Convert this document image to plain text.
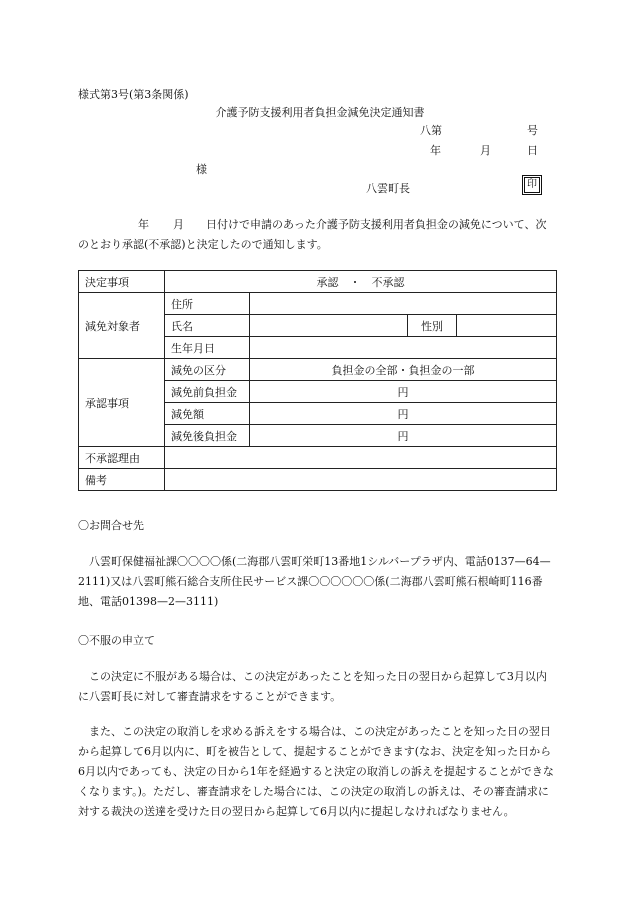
様式第3号(第3条関係)
介護予防支援利用者負担金減免決定通知書
八第	号
年	月	日
様
八雲町長	印
年 月 日付けで申請のあった介護予防支援利用者負担金の減免について、次のとおり承認(不承認)と決定したので通知します。
決定事項	承認　・　不承認			
減免対象者	住所			
	氏名		性別	
	生年月日			
承認事項	減免の区分	負担金の全部・負担金の一部		
	減免前負担金	円		
	減免額	円		
	減免後負担金	円		
不承認理由				
備考				
〇お問合せ先
八雲町保健福祉課〇〇〇〇係(二海郡八雲町栄町13番地1シルバープラザ内、電話0137—64—2111)又は八雲町熊石総合支所住民サービス課〇〇〇〇〇〇係(二海郡八雲町熊石根崎町116番地、電話01398—2—3111)
〇不服の申立て
この決定に不服がある場合は、この決定があったことを知った日の翌日から起算して3月以内に八雲町長に対して審査請求をすることができます。
また、この決定の取消しを求める訴えをする場合は、この決定があったことを知った日の翌日から起算して6月以内に、町を被告として、提起することができます(なお、決定を知った日から6月以内であっても、決定の日から1年を経過すると決定の取消しの訴えを提起することができなくなります。)。ただし、審査請求をした場合には、この決定の取消しの訴えは、その審査請求に対する裁決の送達を受けた日の翌日から起算して6月以内に提起しなければなりません。
